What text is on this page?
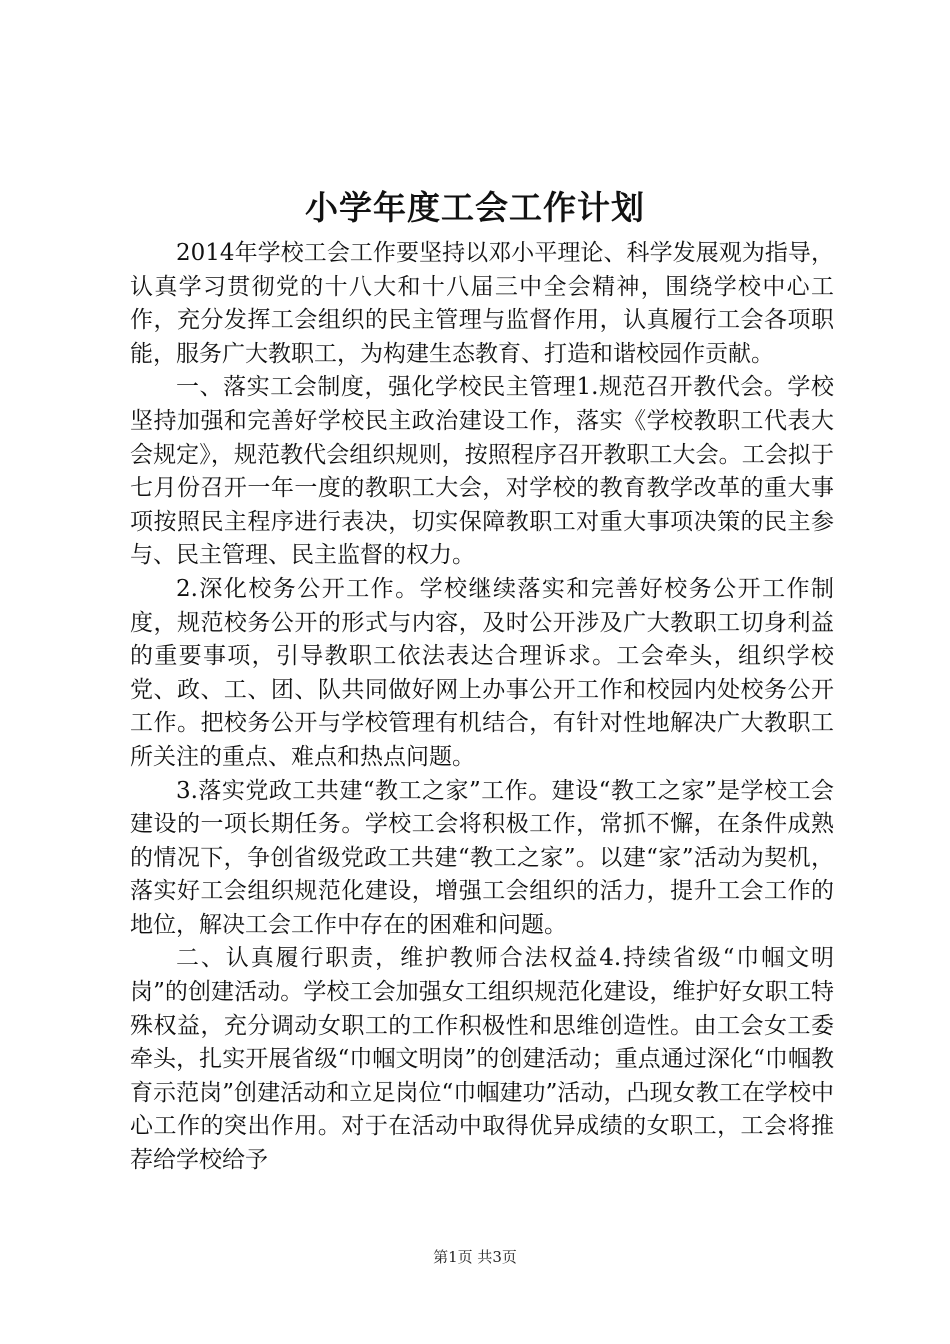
小学年度工会工作计划

2014年学校工会工作要坚持以邓小平理论、科学发展观为指导，认真学习贯彻党的十八大和十八届三中全会精神，围绕学校中心工作，充分发挥工会组织的民主管理与监督作用，认真履行工会各项职能，服务广大教职工，为构建生态教育、打造和谐校园作贡献。

一、落实工会制度，强化学校民主管理1.规范召开教代会。学校坚持加强和完善好学校民主政治建设工作，落实《学校教职工代表大会规定》，规范教代会组织规则，按照程序召开教职工大会。工会拟于七月份召开一年一度的教职工大会，对学校的教育教学改革的重大事项按照民主程序进行表决，切实保障教职工对重大事项决策的民主参与、民主管理、民主监督的权力。

2.深化校务公开工作。学校继续落实和完善好校务公开工作制度，规范校务公开的形式与内容，及时公开涉及广大教职工切身利益的重要事项，引导教职工依法表达合理诉求。工会牵头，组织学校党、政、工、团、队共同做好网上办事公开工作和校园内处校务公开工作。把校务公开与学校管理有机结合，有针对性地解决广大教职工所关注的重点、难点和热点问题。

3.落实党政工共建“教工之家”工作。建设“教工之家”是学校工会建设的一项长期任务。学校工会将积极工作，常抓不懈，在条件成熟的情况下，争创省级党政工共建“教工之家”。以建“家”活动为契机，落实好工会组织规范化建设，增强工会组织的活力，提升工会工作的地位，解决工会工作中存在的困难和问题。

二、认真履行职责，维护教师合法权益4.持续省级“巾帼文明岗”的创建活动。学校工会加强女工组织规范化建设，维护好女职工特殊权益，充分调动女职工的工作积极性和思维创造性。由工会女工委牵头，扎实开展省级“巾帼文明岗”的创建活动；重点通过深化“巾帼教育示范岗”创建活动和立足岗位“巾帼建功”活动，凸现女教工在学校中心工作的突出作用。对于在活动中取得优异成绩的女职工，工会将推荐给学校给予

第1页 共3页
